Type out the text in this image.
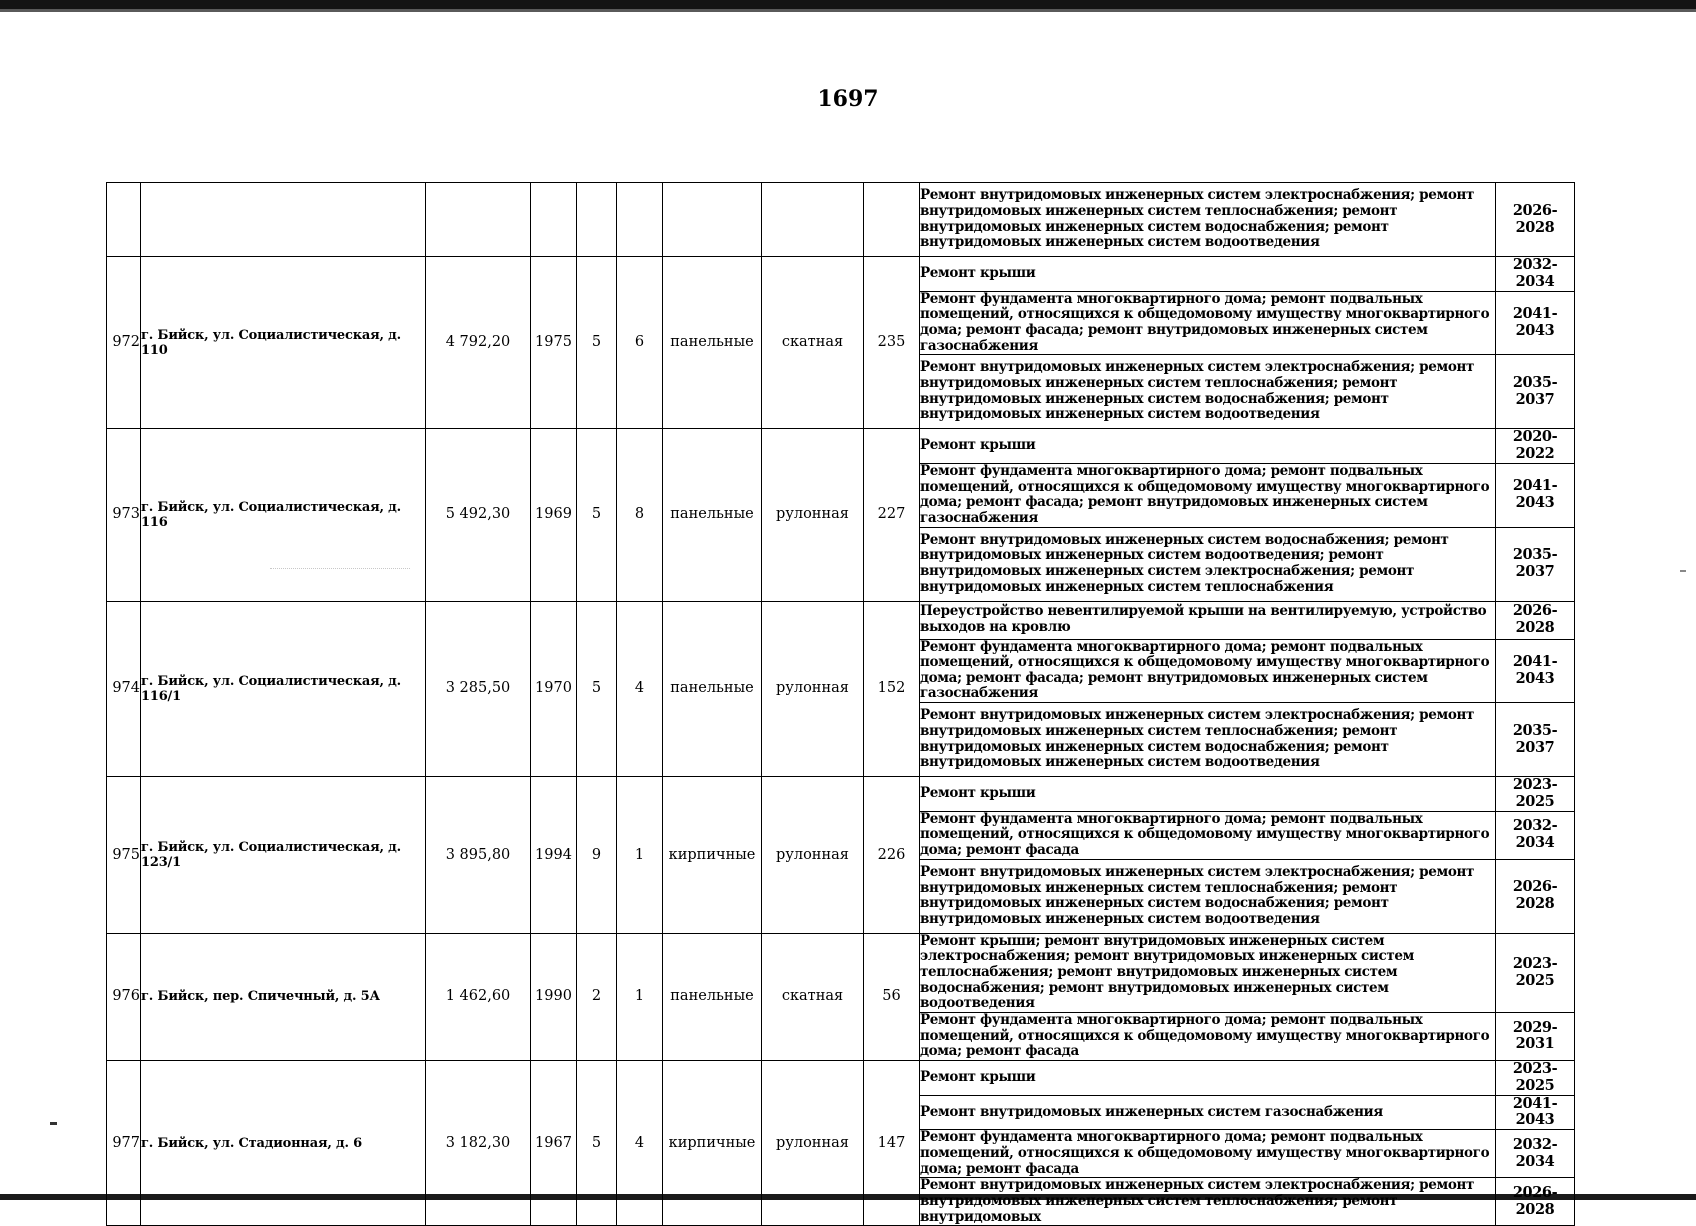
1697
									Ремонт внутридомовых инженерных систем электроснабжения; ремонт внутридомовых инженерных систем теплоснабжения; ремонт внутридомовых инженерных систем водоснабжения; ремонт внутридомовых инженерных систем водоотведения	2026-2028
972	г. Бийск, ул. Социалистическая, д. 110	4 792,20	1975	5	6	панельные	скатная	235	Ремонт крыши	2032-2034
									Ремонт фундамента многоквартирного дома; ремонт подвальных помещений, относящихся к общедомовому имуществу многоквартирного дома; ремонт фасада; ремонт внутридомовых инженерных систем газоснабжения	2041-2043
									Ремонт внутридомовых инженерных систем электроснабжения; ремонт внутридомовых инженерных систем теплоснабжения; ремонт внутридомовых инженерных систем водоснабжения; ремонт внутридомовых инженерных систем водоотведения	2035-2037
973	г. Бийск, ул. Социалистическая, д. 116	5 492,30	1969	5	8	панельные	рулонная	227	Ремонт крыши	2020-2022
									Ремонт фундамента многоквартирного дома; ремонт подвальных помещений, относящихся к общедомовому имуществу многоквартирного дома; ремонт фасада; ремонт внутридомовых инженерных систем газоснабжения	2041-2043
									Ремонт внутридомовых инженерных систем водоснабжения; ремонт внутридомовых инженерных систем водоотведения; ремонт внутридомовых инженерных систем электроснабжения; ремонт внутридомовых инженерных систем теплоснабжения	2035-2037
974	г. Бийск, ул. Социалистическая, д. 116/1	3 285,50	1970	5	4	панельные	рулонная	152	Переустройство невентилируемой крыши на вентилируемую, устройство выходов на кровлю	2026-2028
									Ремонт фундамента многоквартирного дома; ремонт подвальных помещений, относящихся к общедомовому имуществу многоквартирного дома; ремонт фасада; ремонт внутридомовых инженерных систем газоснабжения	2041-2043
									Ремонт внутридомовых инженерных систем электроснабжения; ремонт внутридомовых инженерных систем теплоснабжения; ремонт внутридомовых инженерных систем водоснабжения; ремонт внутридомовых инженерных систем водоотведения	2035-2037
975	г. Бийск, ул. Социалистическая, д. 123/1	3 895,80	1994	9	1	кирпичные	рулонная	226	Ремонт крыши	2023-2025
									Ремонт фундамента многоквартирного дома; ремонт подвальных помещений, относящихся к общедомовому имуществу многоквартирного дома; ремонт фасада	2032-2034
									Ремонт внутридомовых инженерных систем электроснабжения; ремонт внутридомовых инженерных систем теплоснабжения; ремонт внутридомовых инженерных систем водоснабжения; ремонт внутридомовых инженерных систем водоотведения	2026-2028
976	г. Бийск, пер. Спичечный, д. 5А	1 462,60	1990	2	1	панельные	скатная	56	Ремонт крыши; ремонт внутридомовых инженерных систем электроснабжения; ремонт внутридомовых инженерных систем теплоснабжения; ремонт внутридомовых инженерных систем водоснабжения; ремонт внутридомовых инженерных систем водоотведения	2023-2025
									Ремонт фундамента многоквартирного дома; ремонт подвальных помещений, относящихся к общедомовому имуществу многоквартирного дома; ремонт фасада	2029-2031
977	г. Бийск, ул. Стадионная, д. 6	3 182,30	1967	5	4	кирпичные	рулонная	147	Ремонт крыши	2023-2025
									Ремонт внутридомовых инженерных систем газоснабжения	2041-2043
									Ремонт фундамента многоквартирного дома; ремонт подвальных помещений, относящихся к общедомовому имуществу многоквартирного дома; ремонт фасада	2032-2034
									Ремонт внутридомовых инженерных систем электроснабжения; ремонт внутридомовых инженерных систем теплоснабжения; ремонт внутридомовых	2026-2028
